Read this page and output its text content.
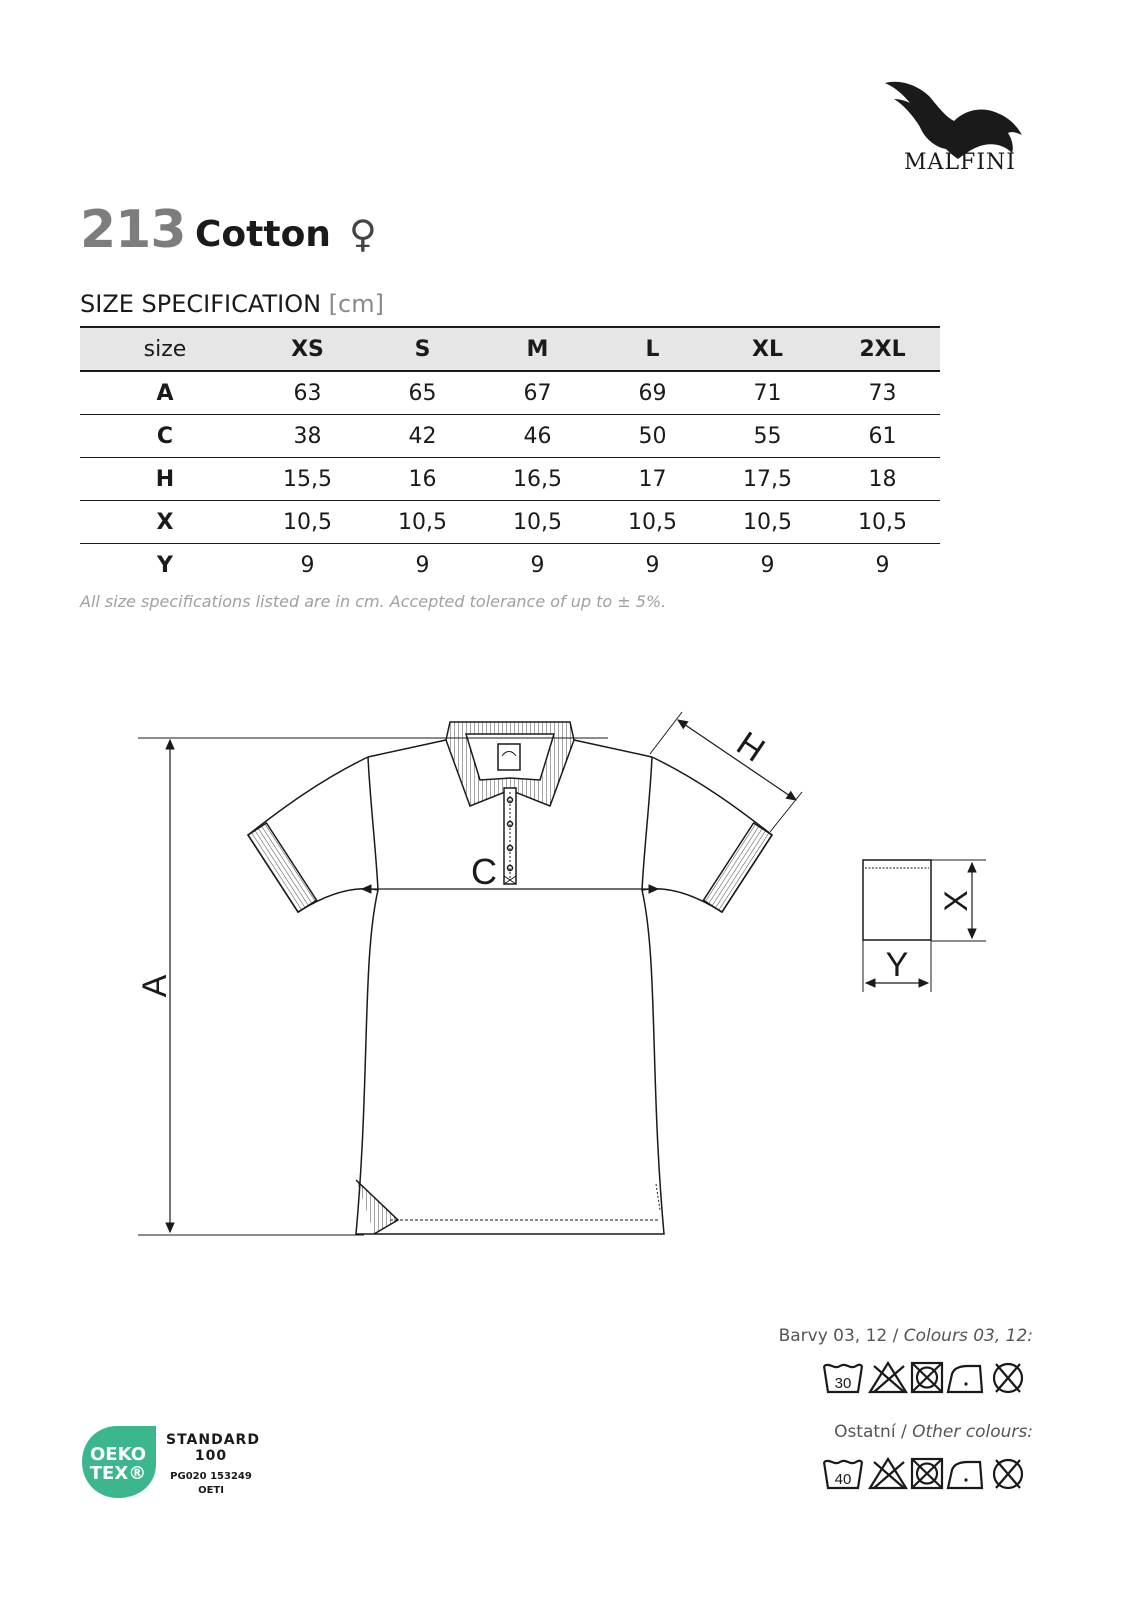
MALFINI
213 Cotton ♀
SIZE SPECIFICATION [cm]
size	XS	S	M	L	XL	2XL
A	63	65	67	69	71	73
C	38	42	46	50	55	61
H	15,5	16	16,5	17	17,5	18
X	10,5	10,5	10,5	10,5	10,5	10,5
Y	9	9	9	9	9	9
All size specifications listed are in cm. Accepted tolerance of up to ± 5%.
A
C
H
X
Y
Barvy 03, 12 / Colours 03, 12:
30
Ostatní / Other colours:
40
OEKO
TEX®
STANDARD
100
PG020 153249
OETI
